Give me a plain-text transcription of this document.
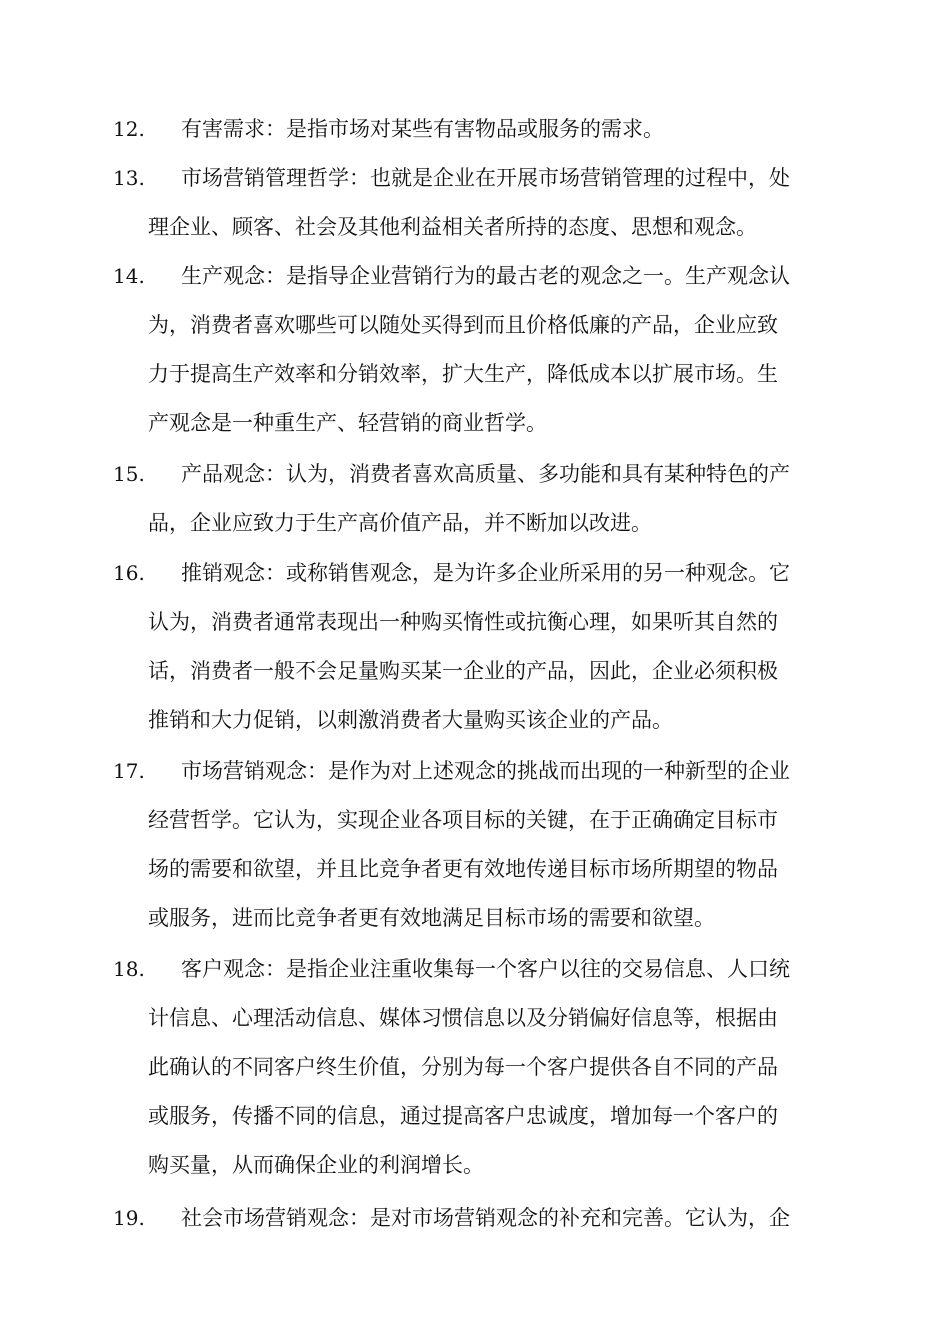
12. 有害需求：是指市场对某些有害物品或服务的需求。
13. 市场营销管理哲学：也就是企业在开展市场营销管理的过程中，处
理企业、顾客、社会及其他利益相关者所持的态度、思想和观念。
14. 生产观念：是指导企业营销行为的最古老的观念之一。生产观念认
为，消费者喜欢哪些可以随处买得到而且价格低廉的产品，企业应致
力于提高生产效率和分销效率，扩大生产，降低成本以扩展市场。生
产观念是一种重生产、轻营销的商业哲学。
15. 产品观念：认为，消费者喜欢高质量、多功能和具有某种特色的产
品，企业应致力于生产高价值产品，并不断加以改进。
16. 推销观念：或称销售观念，是为许多企业所采用的另一种观念。它
认为，消费者通常表现出一种购买惰性或抗衡心理，如果听其自然的
话，消费者一般不会足量购买某一企业的产品，因此，企业必须积极
推销和大力促销，以刺激消费者大量购买该企业的产品。
17. 市场营销观念：是作为对上述观念的挑战而出现的一种新型的企业
经营哲学。它认为，实现企业各项目标的关键，在于正确确定目标市
场的需要和欲望，并且比竞争者更有效地传递目标市场所期望的物品
或服务，进而比竞争者更有效地满足目标市场的需要和欲望。
18. 客户观念：是指企业注重收集每一个客户以往的交易信息、人口统
计信息、心理活动信息、媒体习惯信息以及分销偏好信息等，根据由
此确认的不同客户终生价值，分别为每一个客户提供各自不同的产品
或服务，传播不同的信息，通过提高客户忠诚度，增加每一个客户的
购买量，从而确保企业的利润增长。
19. 社会市场营销观念：是对市场营销观念的补充和完善。它认为，企
